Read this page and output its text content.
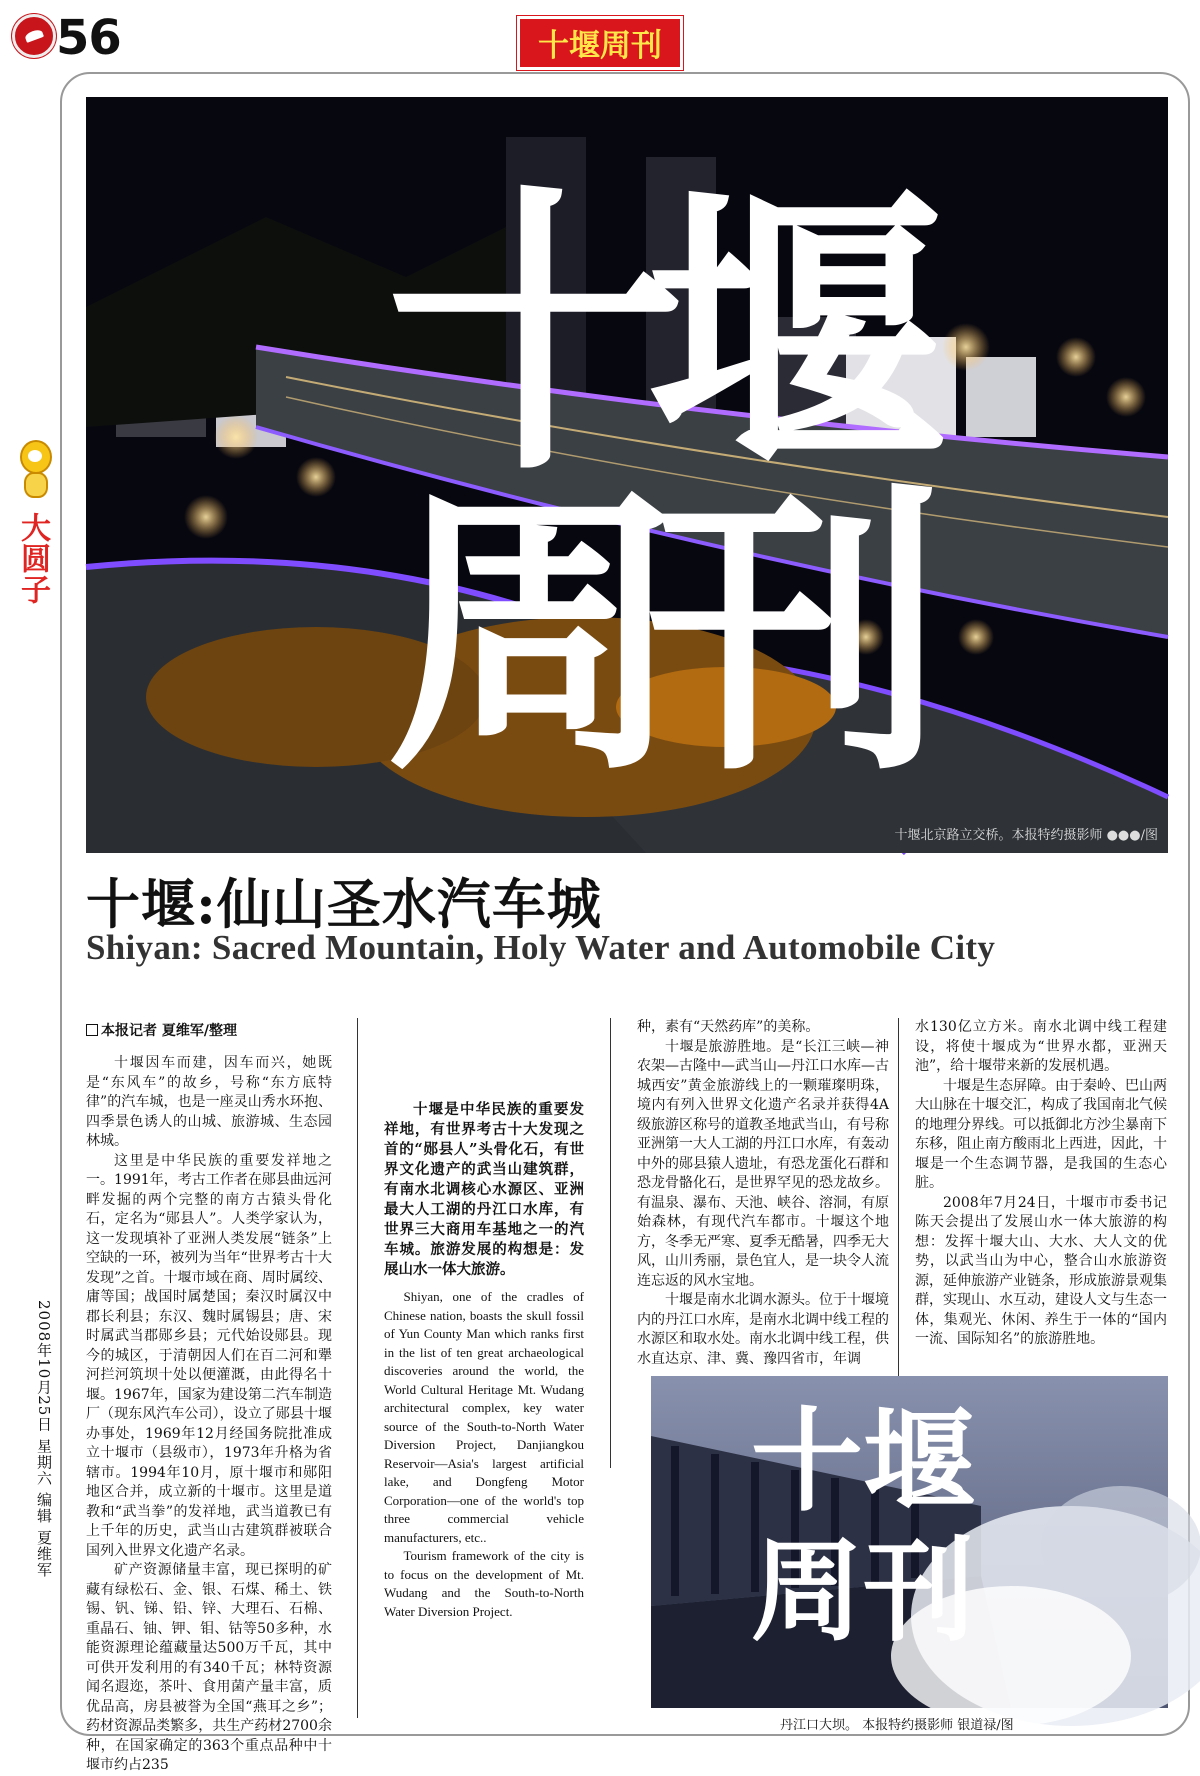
56	十堰周刊
大圆子
2008年10月25日 星期六 编辑 夏维军
十
堰
周
刊
十堰北京路立交桥。本报特约摄影师 ●●●/图
十堰:仙山圣水汽车城
Shiyan: Sacred Mountain, Holy Water and Automobile City
本报记者 夏维军/整理

十堰因车而建，因车而兴，她既是“东风车”的故乡，号称“东方底特律”的汽车城，也是一座灵山秀水环抱、四季景色诱人的山城、旅游城、生态园林城。

这里是中华民族的重要发祥地之一。1991年，考古工作者在郧县曲远河畔发掘的两个完整的南方古猿头骨化石，定名为“郧县人”。人类学家认为，这一发现填补了亚洲人类发展“链条”上空缺的一环，被列为当年“世界考古十大发现”之首。十堰市域在商、周时属绞、庸等国；战国时属楚国；秦汉时属汉中郡长利县；东汉、魏时属锡县；唐、宋时属武当郡郧乡县；元代始设郧县。现今的城区，于清朝因人们在百二河和犟河拦河筑坝十处以便灌溉，由此得名十堰。1967年，国家为建设第二汽车制造厂（现东风汽车公司），设立了郧县十堰办事处，1969年12月经国务院批准成立十堰市（县级市），1973年升格为省辖市。1994年10月，原十堰市和郧阳地区合并，成立新的十堰市。这里是道教和“武当拳”的发祥地，武当道教已有上千年的历史，武当山古建筑群被联合国列入世界文化遗产名录。

矿产资源储量丰富，现已探明的矿藏有绿松石、金、银、石煤、稀土、铁锡、钒、锑、铅、锌、大理石、石棉、重晶石、铀、钾、钼、钴等50多种，水能资源理论蕴藏量达500万千瓦，其中可供开发利用的有340千瓦；林特资源闻名遐迩，茶叶、食用菌产量丰富，质优品高，房县被誉为全国“燕耳之乡”；药材资源品类繁多，共生产药材2700余种，在国家确定的363个重点品种中十堰市约占235

十堰是中华民族的重要发祥地，有世界考古十大发现之首的“郧县人”头骨化石，有世界文化遗产的武当山建筑群，有南水北调核心水源区、亚洲最大人工湖的丹江口水库，有世界三大商用车基地之一的汽车城。旅游发展的构想是：发展山水一体大旅游。

Shiyan, one of the cradles of Chinese nation, boasts the skull fossil of Yun County Man which ranks first in the list of ten great archaeological discoveries around the world, the World Cultural Heritage Mt. Wudang architectural complex, key water source of the South-to-North Water Diversion Project, Danjiangkou Reservoir—Asia's largest artificial lake, and Dongfeng Motor Corporation—one of the world's top three commercial vehicle manufacturers, etc..

Tourism framework of the city is to focus on the development of Mt. Wudang and the South-to-North Water Diversion Project.

种，素有“天然药库”的美称。

十堰是旅游胜地。是“长江三峡—神农架—古隆中—武当山—丹江口水库—古城西安”黄金旅游线上的一颗璀璨明珠，境内有列入世界文化遗产名录并获得4A级旅游区称号的道教圣地武当山，有号称亚洲第一大人工湖的丹江口水库，有轰动中外的郧县猿人遗址，有恐龙蛋化石群和恐龙骨骼化石，是世界罕见的恐龙故乡。有温泉、瀑布、天池、峡谷、溶洞，有原始森林，有现代汽车都市。十堰这个地方，冬季无严寒、夏季无酷暑，四季无大风，山川秀丽，景色宜人，是一块令人流连忘返的风水宝地。

十堰是南水北调水源头。位于十堰境内的丹江口水库，是南水北调中线工程的水源区和取水处。南水北调中线工程，供水直达京、津、冀、豫四省市，年调

水130亿立方米。南水北调中线工程建设，将使十堰成为“世界水都，亚洲天池”，给十堰带来新的发展机遇。

十堰是生态屏障。由于秦岭、巴山两大山脉在十堰交汇，构成了我国南北气候的地理分界线。可以抵御北方沙尘暴南下东移，阻止南方酸雨北上西进，因此，十堰是一个生态调节器，是我国的生态心脏。

2008年7月24日，十堰市市委书记陈天会提出了发展山水一体大旅游的构想：发挥十堰大山、大水、大人文的优势，以武当山为中心，整合山水旅游资源，延伸旅游产业链条，形成旅游景观集群，实现山、水互动，建设人文与生态一体，集观光、休闲、养生于一体的“国内一流、国际知名”的旅游胜地。

十 堰
周 刊
丹江口大坝。 本报特约摄影师 银道禄/图
